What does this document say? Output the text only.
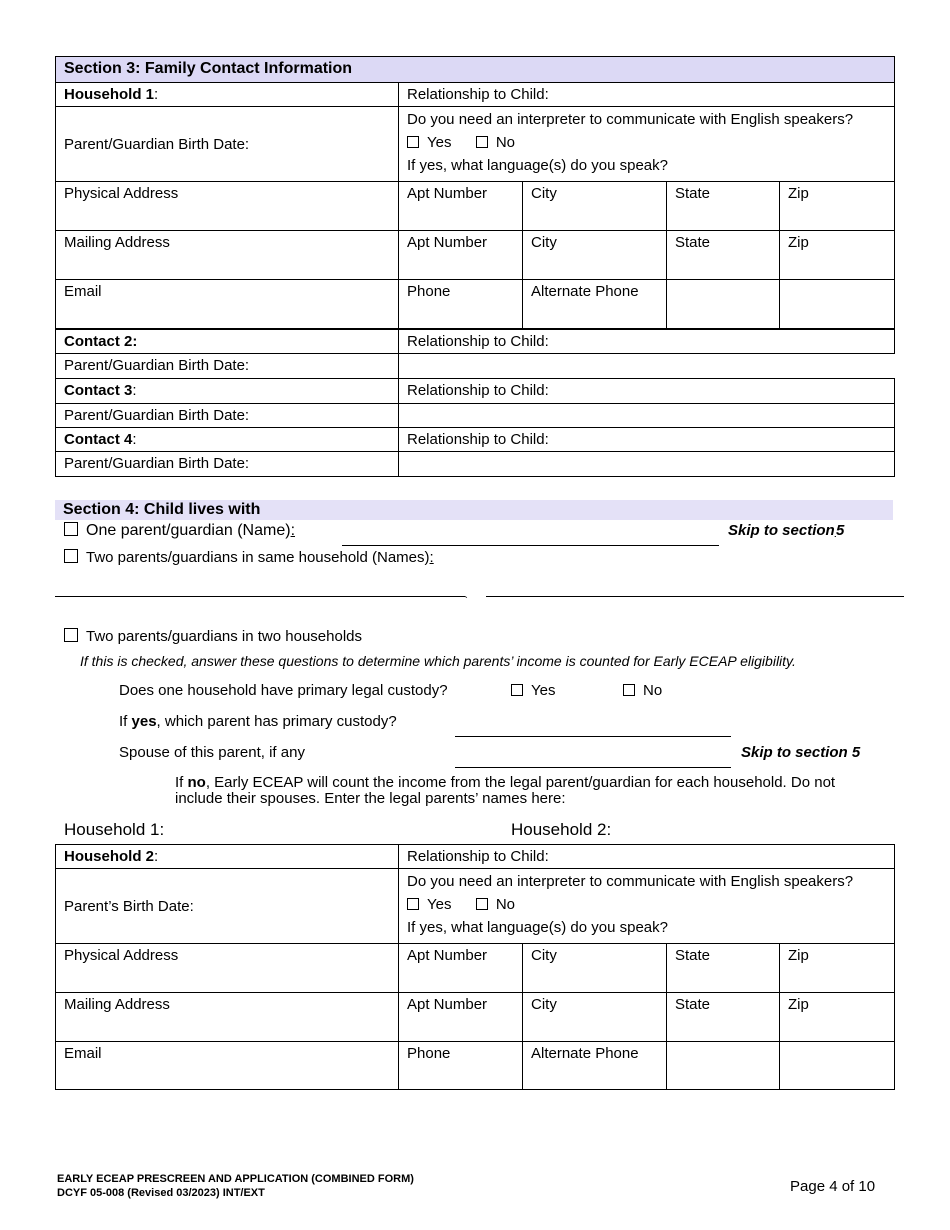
Section 3: Family Contact Information				
Household 1:	Relationship to Child:			
Parent/Guardian Birth Date:	Do you need an interpreter to communicate with English speakers?
Yes No
If yes, what language(s) do you speak?			

Physical Address	Apt Number	City	State	Zip
Mailing Address	Apt Number	City	State	Zip
Email	Phone	Alternate Phone		
Contact 2:	Relationship to Child:			
Parent/Guardian Birth Date:				
Contact 3:	Relationship to Child:			
Parent/Guardian Birth Date:				
Contact 4:	Relationship to Child:			
Parent/Guardian Birth Date:				
Section 4: Child lives with
One parent/guardian (Name):	Skip to section 5
Two parents/guardians in same household (Names):
`
Two parents/guardians in two households
If this is checked, answer these questions to determine which parents’ income is counted for Early ECEAP eligibility.
Does one household have primary legal custody?	Yes	No
If yes, which parent has primary custody?
Spouse of this parent, if any	Skip to section 5
If no, Early ECEAP will count the income from the legal parent/guardian for each household. Do not
include their spouses. Enter the legal parents’ names here:
Household 1:	Household 2:
Household 2:	Relationship to Child:			
Parent’s Birth Date:	Do you need an interpreter to communicate with English speakers?
Yes No
If yes, what language(s) do you speak?			

Physical Address	Apt Number	City	State	Zip
Mailing Address	Apt Number	City	State	Zip
Email	Phone	Alternate Phone		
EARLY ECEAP PRESCREEN AND APPLICATION (COMBINED FORM)
DCYF 05-008 (Revised 03/2023) INT/EXT	Page 4 of 10
